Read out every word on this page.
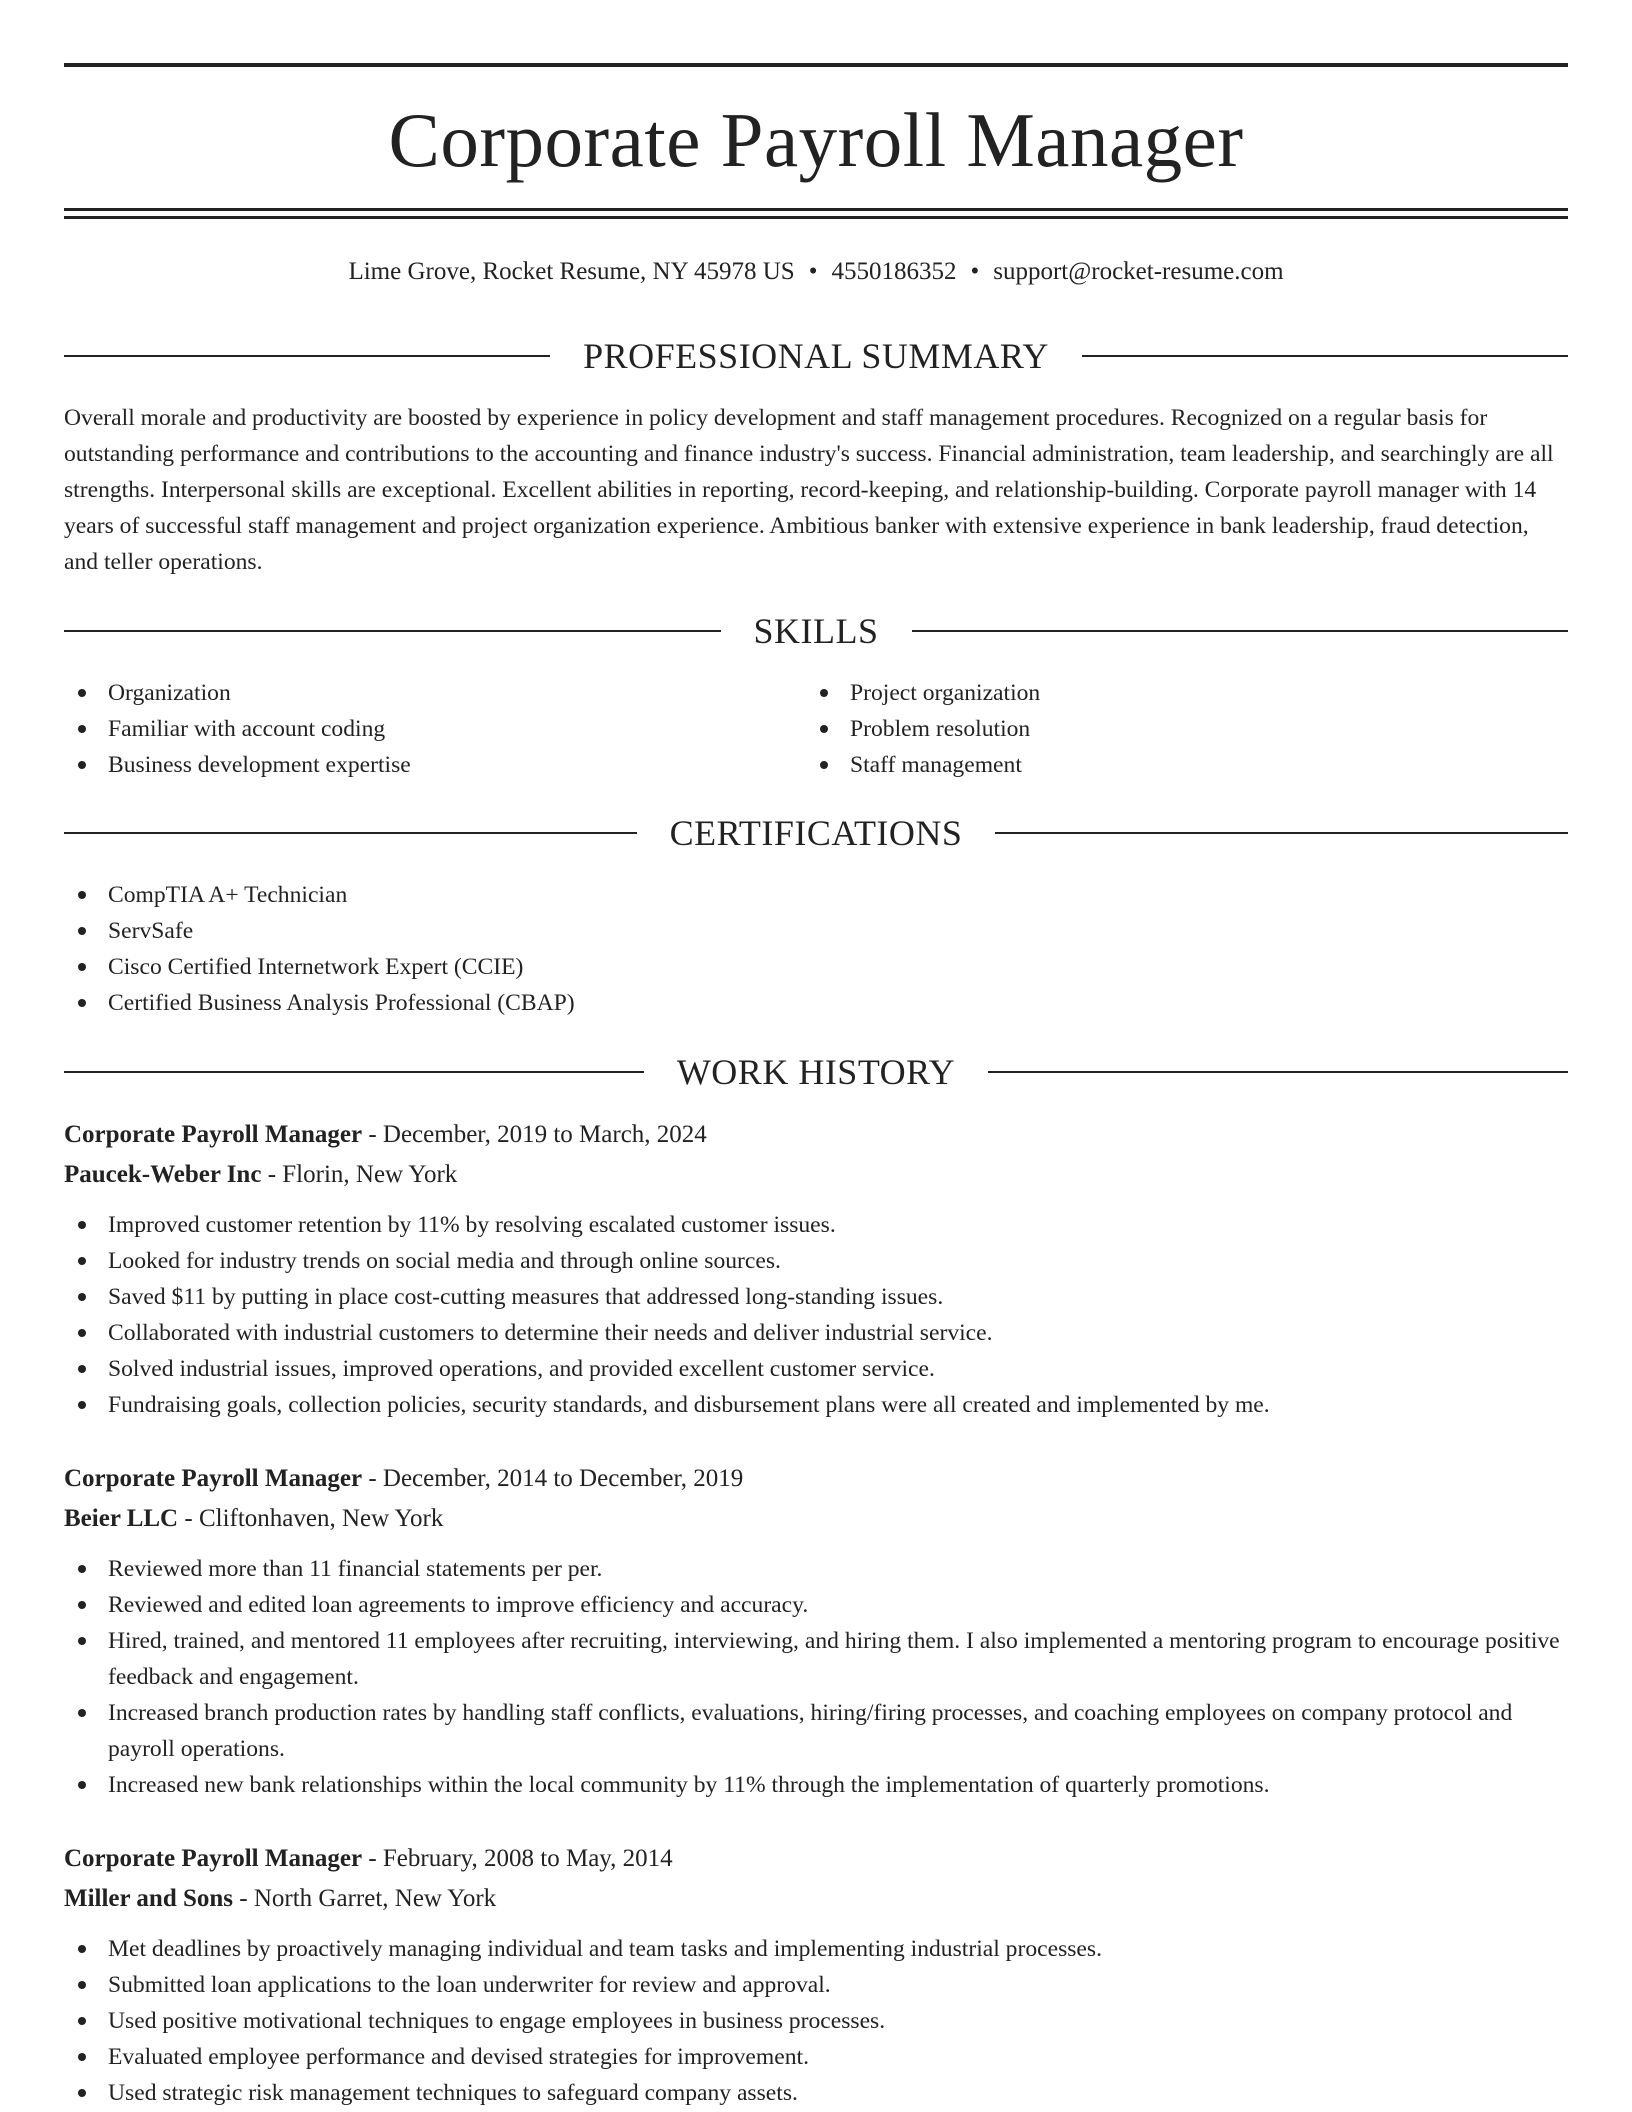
Corporate Payroll Manager
Lime Grove, Rocket Resume, NY 45978 US • 4550186352 • support@rocket-resume.com
PROFESSIONAL SUMMARY

Overall morale and productivity are boosted by experience in policy development and staff management procedures. Recognized on a regular basis for outstanding performance and contributions to the accounting and finance industry's success. Financial administration, team leadership, and searchingly are all strengths. Interpersonal skills are exceptional. Excellent abilities in reporting, record-keeping, and relationship-building. Corporate payroll manager with 14 years of successful staff management and project organization experience. Ambitious banker with extensive experience in bank leadership, fraud detection, and teller operations.

SKILLS
Organization
Familiar with account coding
Business development expertise
Project organization
Problem resolution
Staff management
CERTIFICATIONS
CompTIA A+ Technician
ServSafe
Cisco Certified Internetwork Expert (CCIE)
Certified Business Analysis Professional (CBAP)
WORK HISTORY
Corporate Payroll Manager - December, 2019 to March, 2024
Paucek-Weber Inc - Florin, New York
Improved customer retention by 11% by resolving escalated customer issues.
Looked for industry trends on social media and through online sources.
Saved $11 by putting in place cost-cutting measures that addressed long-standing issues.
Collaborated with industrial customers to determine their needs and deliver industrial service.
Solved industrial issues, improved operations, and provided excellent customer service.
Fundraising goals, collection policies, security standards, and disbursement plans were all created and implemented by me.
Corporate Payroll Manager - December, 2014 to December, 2019
Beier LLC - Cliftonhaven, New York
Reviewed more than 11 financial statements per per.
Reviewed and edited loan agreements to improve efficiency and accuracy.
Hired, trained, and mentored 11 employees after recruiting, interviewing, and hiring them. I also implemented a mentoring program to encourage positive feedback and engagement.
Increased branch production rates by handling staff conflicts, evaluations, hiring/firing processes, and coaching employees on company protocol and payroll operations.
Increased new bank relationships within the local community by 11% through the implementation of quarterly promotions.
Corporate Payroll Manager - February, 2008 to May, 2014
Miller and Sons - North Garret, New York
Met deadlines by proactively managing individual and team tasks and implementing industrial processes.
Submitted loan applications to the loan underwriter for review and approval.
Used positive motivational techniques to engage employees in business processes.
Evaluated employee performance and devised strategies for improvement.
Used strategic risk management techniques to safeguard company assets.
